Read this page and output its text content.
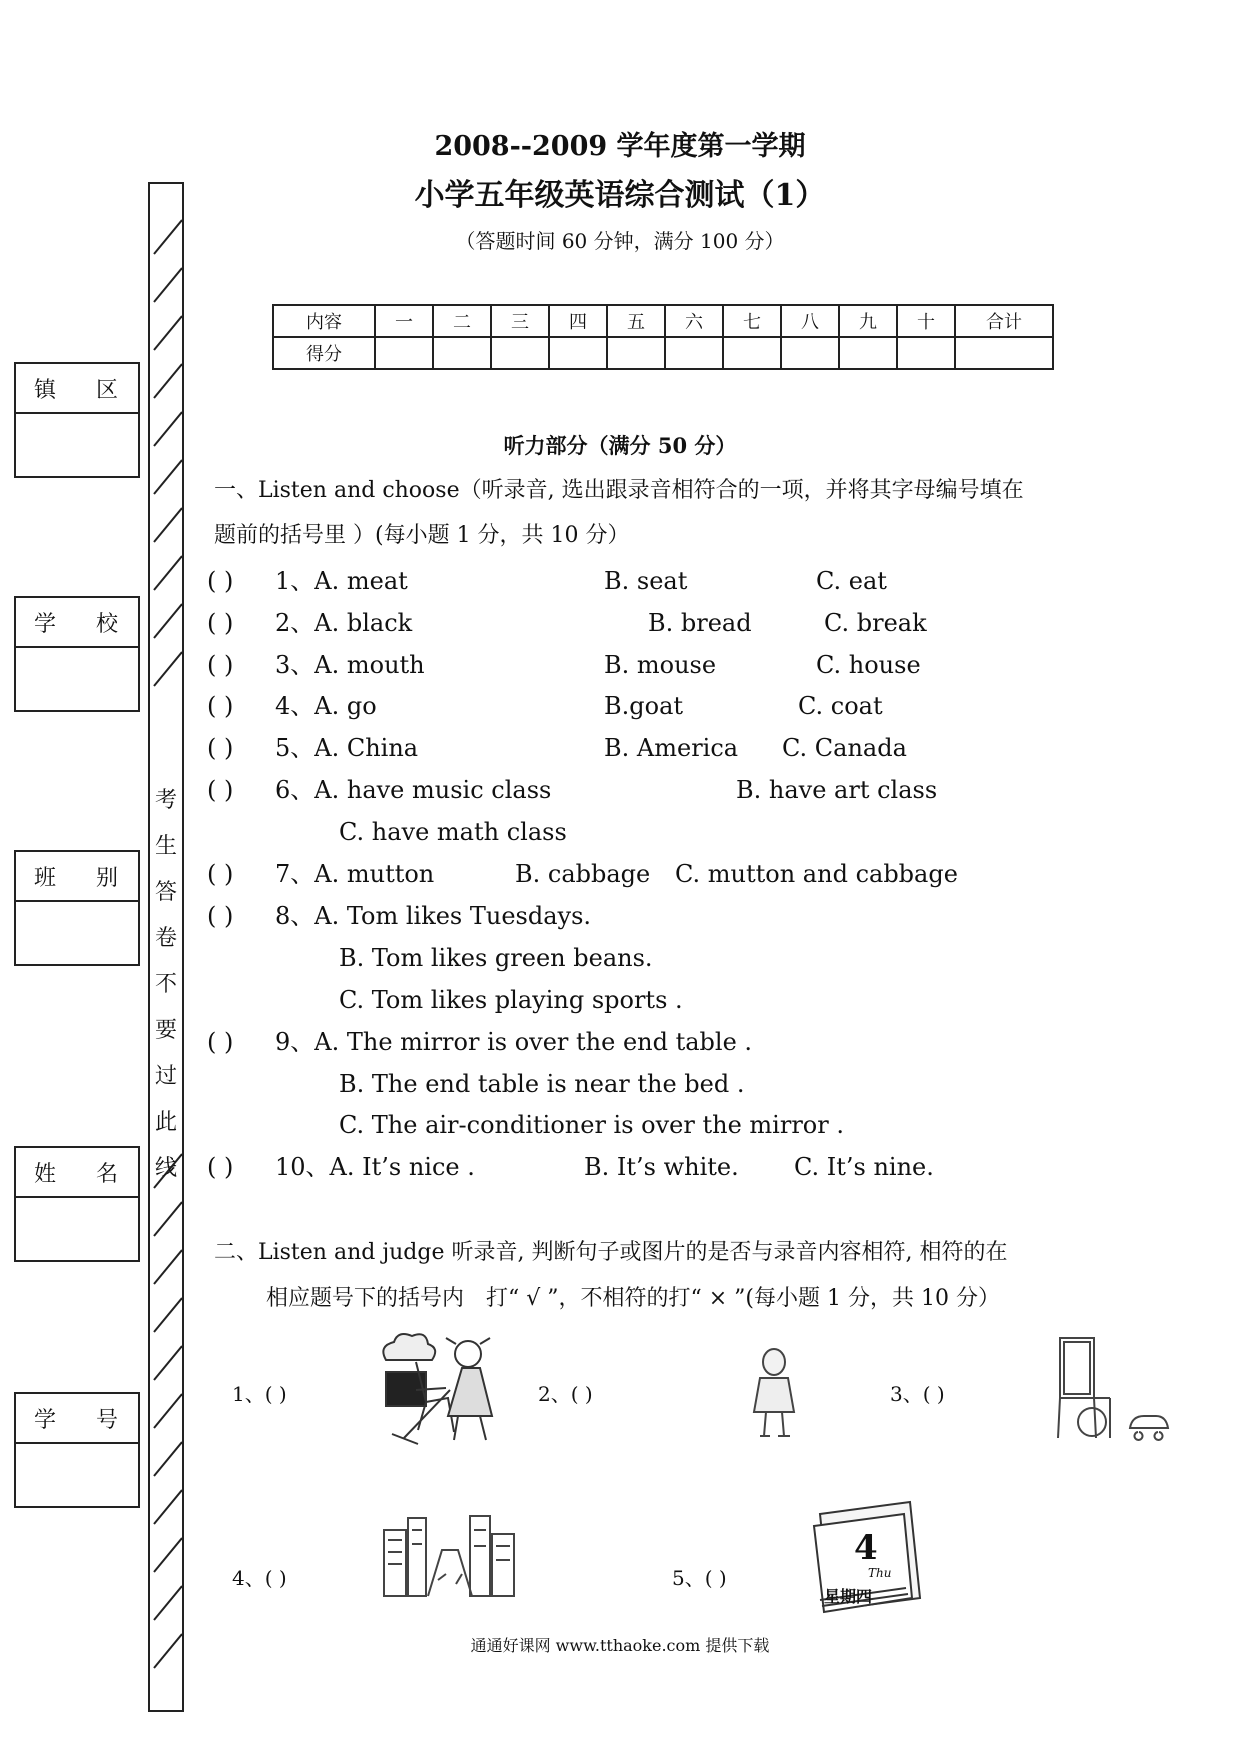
2008--2009 学年度第一学期
小学五年级英语综合测试（1）
（答题时间 60 分钟，满分 100 分）
内容	一	二	三	四	五	六	七	八	九	十	合计
得分											
考
生
答
卷
不
要
过
此
线
镇 区
学 校
班 别
姓 名
学 号
听力部分（满分 50 分）
一、Listen and choose（听录音, 选出跟录音相符合的一项，并将其字母编号填在
题前的括号里 ）(每小题 1 分，共 10 分）
( ) 1、A. meat	B. seat	C. eat
( ) 2、A. black	B. bread	C. break
( ) 3、A. mouth	B. mouse	C. house
( ) 4、A. go	B.goat	C. coat
( ) 5、A. China	B. America C. Canada
( ) 6、A. have music class	B. have art class
C. have math class
( ) 7、A. mutton	B. cabbage C. mutton and cabbage
( ) 8、A. Tom likes Tuesdays.
B. Tom likes green beans.
C. Tom likes playing sports .
( ) 9、A. The mirror is over the end table .
B. The end table is near the bed .
C. The air-conditioner is over the mirror .
( ) 10、A. It’s nice .	B. It’s white. C. It’s nine.
二、Listen and judge 听录音, 判断句子或图片的是否与录音内容相符, 相符的在
相应题号下的括号内　打“ √ ”，不相符的打“ × ”(每小题 1 分，共 10 分）
1、( )	2、( )	3、( )
4、( )	5、( )
4
Thu
星期四
通通好课网 www.tthaoke.com 提供下载
